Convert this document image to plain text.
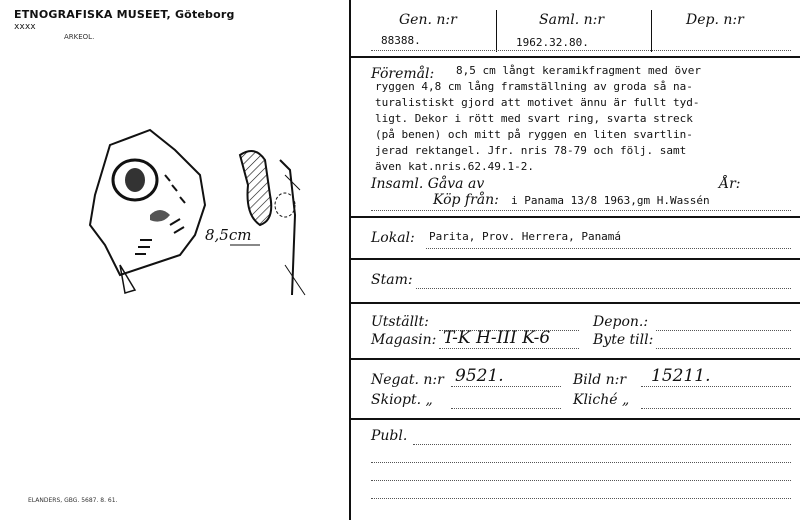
ETNOGRAFISKA MUSEET, Göteborg
xxxx
ARKEOL.
8,5cm
ELANDERS, GBG. 5687. 8. 61.
Gen. n:r
88388.
Saml. n:r
1962.32.80.
Dep. n:r
Föremål: 8,5 cm långt keramikfragment med över
ryggen 4,8 cm lång framställning av groda så na-
turalistiskt gjord att motivet ännu är fullt tyd-
ligt. Dekor i rött med svart ring, svarta streck
(på benen) och mitt på ryggen en liten svartlin-
jerad rektangel. Jfr. nris 78-79 och följ. samt
även kat.nris.62.49.1-2.
Insaml. Gåva av	År:
Köp från: i Panama 13/8 1963,gm H.Wassén
Lokal: Parita, Prov. Herrera, Panamá
Stam:
Utställt:
Magasin: T-K H-III K-6
Depon.:
Byte till:
Negat. n:r 9521.	Bild n:r 15211.
Skiopt. „	Kliché „
Publ.
